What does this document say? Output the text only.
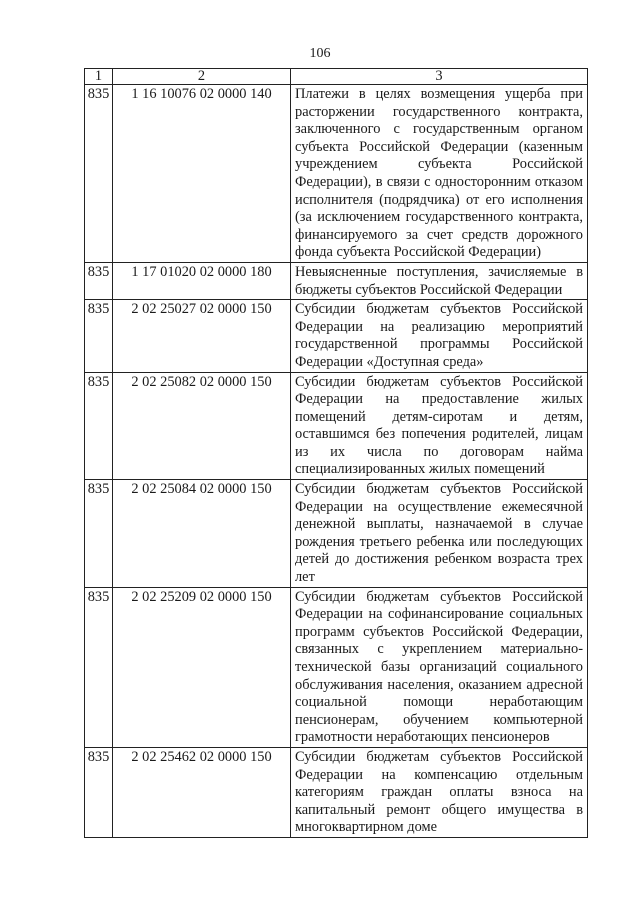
106
1	2	3
835	1 16 10076 02 0000 140	Платежи в целях возмещения ущерба при расторжении государственного контракта, заключенного с государственным органом субъекта Российской Федерации (казенным учреждением субъекта Российской Федерации), в связи с односторонним отказом исполнителя (подрядчика) от его исполнения (за исключением государственного контракта, финансируемого за счет средств дорожного фонда субъекта Российской Федерации)
835	1 17 01020 02 0000 180	Невыясненные поступления, зачисляемые в бюджеты субъектов Российской Федерации
835	2 02 25027 02 0000 150	Субсидии бюджетам субъектов Российской Федерации на реализацию мероприятий государственной программы Российской Федерации «Доступная среда»
835	2 02 25082 02 0000 150	Субсидии бюджетам субъектов Российской Федерации на предоставление жилых помещений детям-сиротам и детям, оставшимся без попечения родителей, лицам из их числа по договорам найма специализированных жилых помещений
835	2 02 25084 02 0000 150	Субсидии бюджетам субъектов Российской Федерации на осуществление ежемесячной денежной выплаты, назначаемой в случае рождения третьего ребенка или последующих детей до достижения ребенком возраста трех лет
835	2 02 25209 02 0000 150	Субсидии бюджетам субъектов Российской Федерации на софинансирование социальных программ субъектов Российской Федерации, связанных с укреплением материально-технической базы организаций социального обслуживания населения, оказанием адресной социальной помощи неработающим пенсионерам, обучением компьютерной грамотности неработающих пенсионеров
835	2 02 25462 02 0000 150	Субсидии бюджетам субъектов Российской Федерации на компенсацию отдельным категориям граждан оплаты взноса на капитальный ремонт общего имущества в многоквартирном доме
